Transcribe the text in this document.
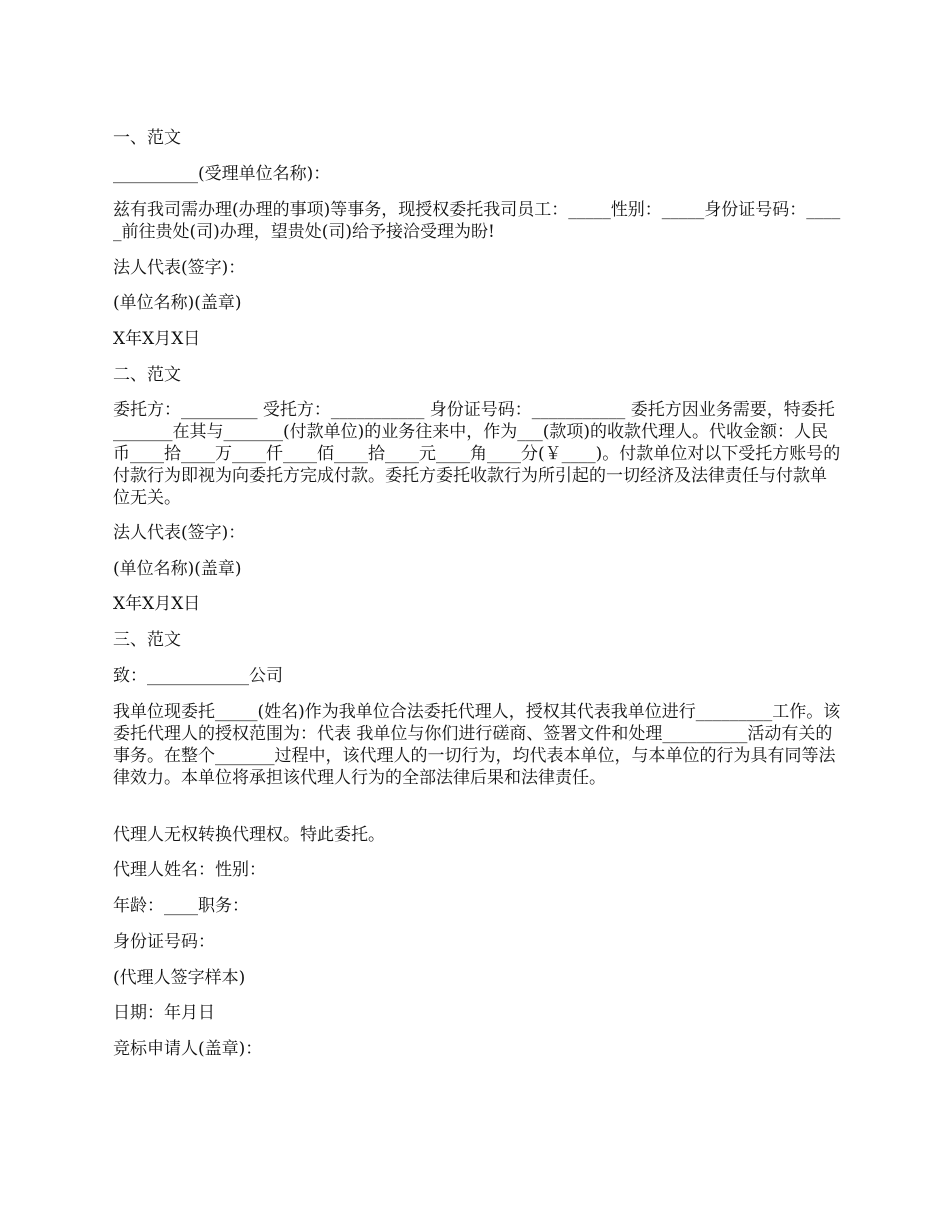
一、范文

__________(受理单位名称)：

兹有我司需办理(办理的事项)等事务，现授权委托我司员工：_____性别：_____身份证号码：_____前往贵处(司)办理，望贵处(司)给予接洽受理为盼!

法人代表(签字)：

(单位名称)(盖章)

X年X月X日

二、范文

委托方：_________ 受托方：___________ 身份证号码：___________ 委托方因业务需要，特委托_______在其与_______(付款单位)的业务往来中，作为___(款项)的收款代理人。代收金额：人民币____拾____万____仟____佰____拾____元____角____分(￥____)。付款单位对以下受托方账号的付款行为即视为向委托方完成付款。委托方委托收款行为所引起的一切经济及法律责任与付款单位无关。

法人代表(签字)：

(单位名称)(盖章)

X年X月X日

三、范文

致：____________公司

我单位现委托_____(姓名)作为我单位合法委托代理人，授权其代表我单位进行_________工作。该委托代理人的授权范围为：代表 我单位与你们进行磋商、签署文件和处理__________活动有关的事务。在整个_______过程中，该代理人的一切行为，均代表本单位，与本单位的行为具有同等法律效力。本单位将承担该代理人行为的全部法律后果和法律责任。

代理人无权转换代理权。特此委托。

代理人姓名：性别：

年龄：____职务：

身份证号码：

(代理人签字样本)

日期：年月日

竞标申请人(盖章)：
